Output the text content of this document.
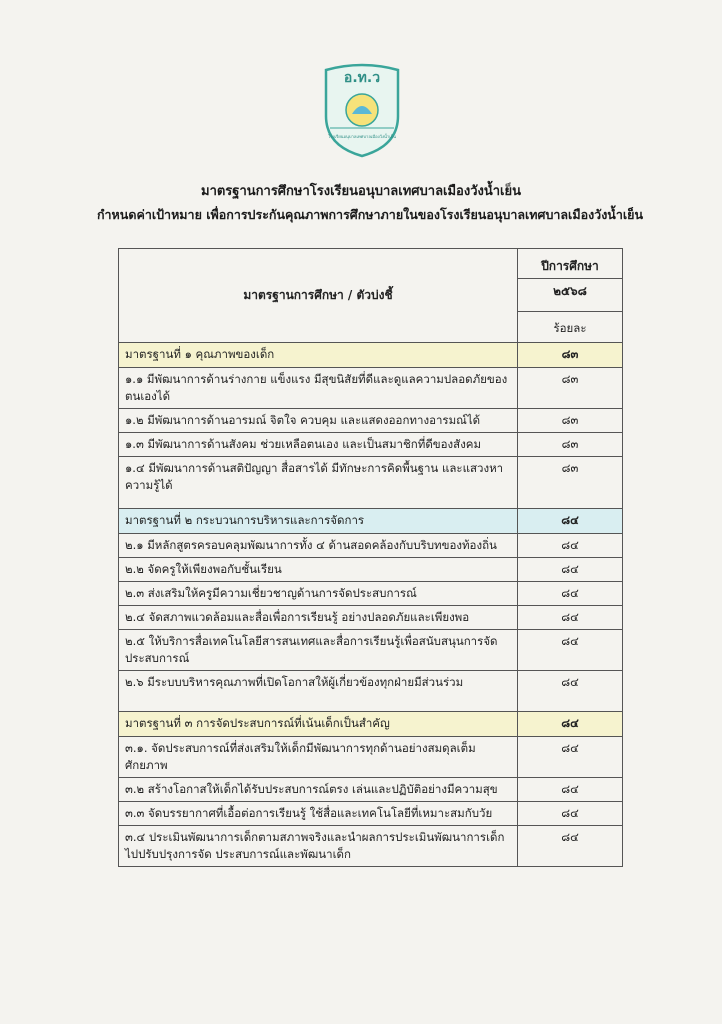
อ.ท.ว
โรงเรียนอนุบาลเทศบาลเมืองวังน้ำเย็น
มาตรฐานการศึกษาโรงเรียนอนุบาลเทศบาลเมืองวังน้ำเย็น
กำหนดค่าเป้าหมาย เพื่อการประกันคุณภาพการศึกษาภายในของโรงเรียนอนุบาลเทศบาลเมืองวังน้ำเย็น
มาตรฐานการศึกษา / ตัวบ่งชี้	ปีการศึกษา
	๒๕๖๘
	ร้อยละ
มาตรฐานที่ ๑ คุณภาพของเด็ก	๘๓
๑.๑ มีพัฒนาการด้านร่างกาย แข็งแรง มีสุขนิสัยที่ดีและดูแลความปลอดภัยของตนเองได้	๘๓
๑.๒ มีพัฒนาการด้านอารมณ์ จิตใจ ควบคุม และแสดงออกทางอารมณ์ได้	๘๓
๑.๓ มีพัฒนาการด้านสังคม ช่วยเหลือตนเอง และเป็นสมาชิกที่ดีของสังคม	๘๓
๑.๔ มีพัฒนาการด้านสติปัญญา สื่อสารได้ มีทักษะการคิดพื้นฐาน และแสวงหาความรู้ได้	๘๓
มาตรฐานที่ ๒ กระบวนการบริหารและการจัดการ	๘๔
๒.๑ มีหลักสูตรครอบคลุมพัฒนาการทั้ง ๔ ด้านสอดคล้องกับบริบทของท้องถิ่น	๘๔
๒.๒ จัดครูให้เพียงพอกับชั้นเรียน	๘๔
๒.๓ ส่งเสริมให้ครูมีความเชี่ยวชาญด้านการจัดประสบการณ์	๘๔
๒.๔ จัดสภาพแวดล้อมและสื่อเพื่อการเรียนรู้ อย่างปลอดภัยและเพียงพอ	๘๔
๒.๕ ให้บริการสื่อเทคโนโลยีสารสนเทศและสื่อการเรียนรู้เพื่อสนับสนุนการจัดประสบการณ์	๘๔
๒.๖ มีระบบบริหารคุณภาพที่เปิดโอกาสให้ผู้เกี่ยวข้องทุกฝ่ายมีส่วนร่วม	๘๔
มาตรฐานที่ ๓ การจัดประสบการณ์ที่เน้นเด็กเป็นสำคัญ	๘๔
๓.๑. จัดประสบการณ์ที่ส่งเสริมให้เด็กมีพัฒนาการทุกด้านอย่างสมดุลเต็มศักยภาพ	๘๔
๓.๒ สร้างโอกาสให้เด็กได้รับประสบการณ์ตรง เล่นและปฏิบัติอย่างมีความสุข	๘๔
๓.๓ จัดบรรยากาศที่เอื้อต่อการเรียนรู้ ใช้สื่อและเทคโนโลยีที่เหมาะสมกับวัย	๘๔
๓.๔ ประเมินพัฒนาการเด็กตามสภาพจริงและนำผลการประเมินพัฒนาการเด็กไปปรับปรุงการจัด ประสบการณ์และพัฒนาเด็ก	๘๔
